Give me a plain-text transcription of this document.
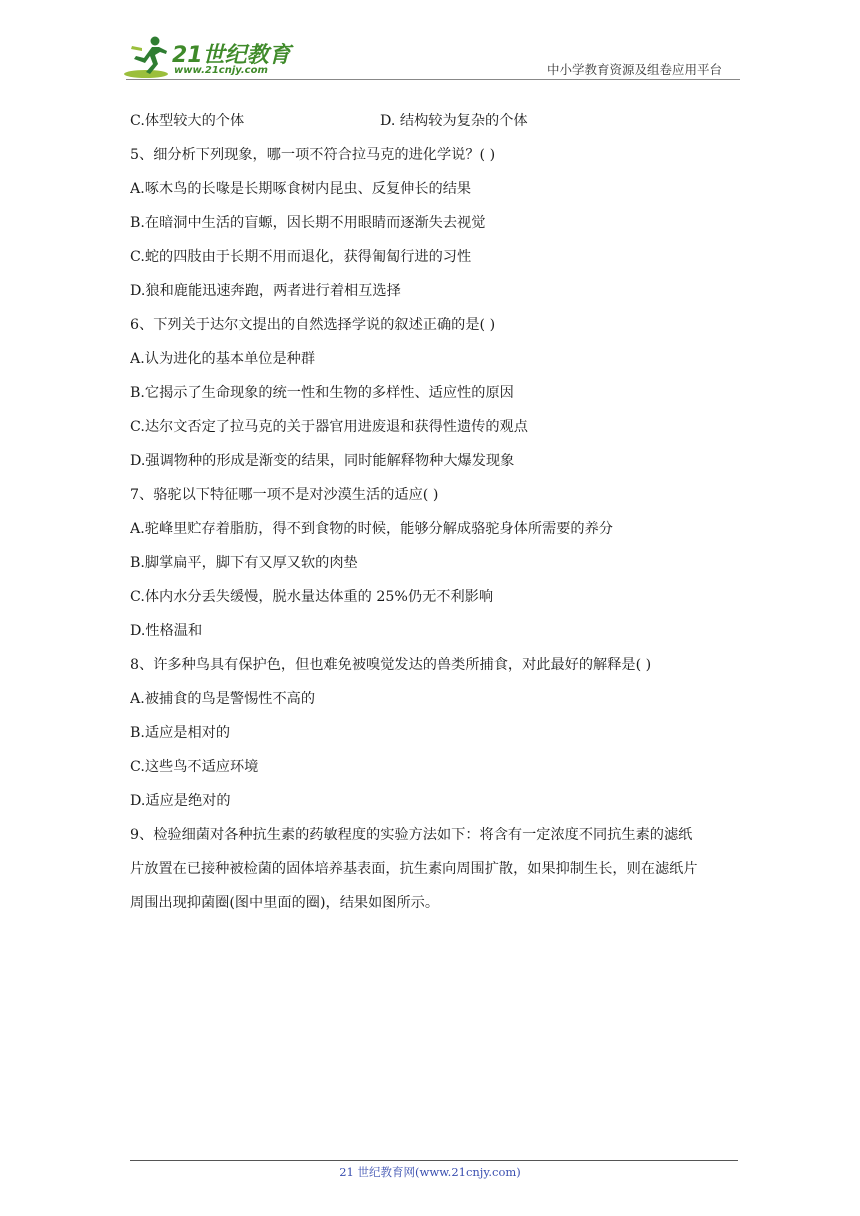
21世纪教育
www.21cnjy.com	中小学教育资源及组卷应用平台
C.体型较大的个体	D. 结构较为复杂的个体
5、细分析下列现象，哪一项不符合拉马克的进化学说？( )
A.啄木鸟的长喙是长期啄食树内昆虫、反复伸长的结果
B.在暗洞中生活的盲螈，因长期不用眼睛而逐渐失去视觉
C.蛇的四肢由于长期不用而退化，获得匍匐行进的习性
D.狼和鹿能迅速奔跑，两者进行着相互选择
6、下列关于达尔文提出的自然选择学说的叙述正确的是( )
A.认为进化的基本单位是种群
B.它揭示了生命现象的统一性和生物的多样性、适应性的原因
C.达尔文否定了拉马克的关于器官用进废退和获得性遗传的观点
D.强调物种的形成是渐变的结果，同时能解释物种大爆发现象
7、骆驼以下特征哪一项不是对沙漠生活的适应( )
A.驼峰里贮存着脂肪，得不到食物的时候，能够分解成骆驼身体所需要的养分
B.脚掌扁平，脚下有又厚又软的肉垫
C.体内水分丢失缓慢，脱水量达体重的 25%仍无不利影响
D.性格温和
8、许多种鸟具有保护色，但也难免被嗅觉发达的兽类所捕食，对此最好的解释是( )
A.被捕食的鸟是警惕性不高的
B.适应是相对的
C.这些鸟不适应环境
D.适应是绝对的
9、检验细菌对各种抗生素的药敏程度的实验方法如下：将含有一定浓度不同抗生素的滤纸
片放置在已接种被检菌的固体培养基表面，抗生素向周围扩散，如果抑制生长，则在滤纸片
周围出现抑菌圈(图中里面的圈)，结果如图所示。
21 世纪教育网(www.21cnjy.com)
